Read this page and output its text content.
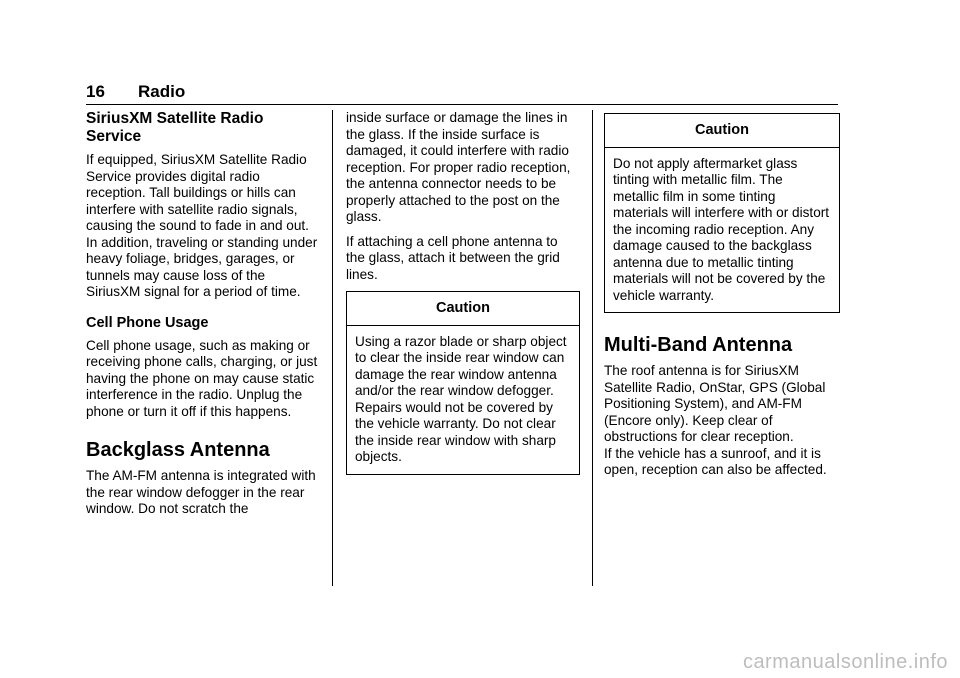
16 Radio
SiriusXM Satellite Radio Service

If equipped, SiriusXM Satellite Radio Service provides digital radio reception. Tall buildings or hills can interfere with satellite radio signals, causing the sound to fade in and out. In addition, traveling or standing under heavy foliage, bridges, garages, or tunnels may cause loss of the SiriusXM signal for a period of time.

Cell Phone Usage

Cell phone usage, such as making or receiving phone calls, charging, or just having the phone on may cause static interference in the radio. Unplug the phone or turn it off if this happens.

Backglass Antenna

The AM-FM antenna is integrated with the rear window defogger in the rear window. Do not scratch the

inside surface or damage the lines in the glass. If the inside surface is damaged, it could interfere with radio reception. For proper radio reception, the antenna connector needs to be properly attached to the post on the glass.

If attaching a cell phone antenna to the glass, attach it between the grid lines.

Caution
Using a razor blade or sharp object to clear the inside rear window can damage the rear window antenna and/or the rear window defogger. Repairs would not be covered by the vehicle warranty. Do not clear the inside rear window with sharp objects.
Caution
Do not apply aftermarket glass tinting with metallic film. The metallic film in some tinting materials will interfere with or distort the incoming radio reception. Any damage caused to the backglass antenna due to metallic tinting materials will not be covered by the vehicle warranty.
Multi-Band Antenna

The roof antenna is for SiriusXM Satellite Radio, OnStar, GPS (Global Positioning System), and AM-FM (Encore only). Keep clear of obstructions for clear reception.

If the vehicle has a sunroof, and it is open, reception can also be affected.

carmanualsonline.info
